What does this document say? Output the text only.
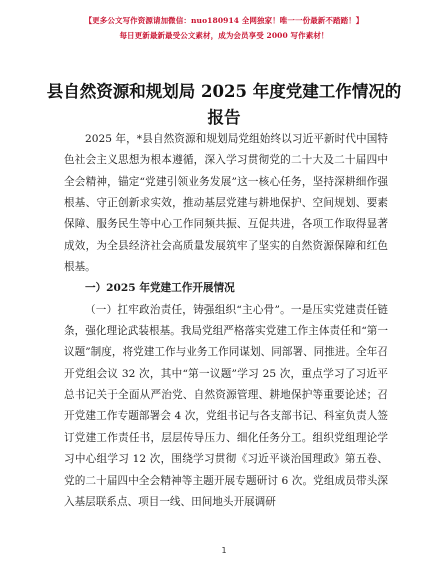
【更多公文写作资源请加微信：nuo180914 全网独家！唯一一份最新不踏踏！】
每日更新最新最受公文素材，成为会员享受 2000 写作素材！
县自然资源和规划局 2025 年度党建工作情况的
报告

2025 年，*县自然资源和规划局党组始终以习近平新时代中国特色社会主义思想为根本遵循，深入学习贯彻党的二十大及二十届四中全会精神，锚定“党建引领业务发展”这一核心任务，坚持深耕细作强根基、守正创新求实效，推动基层党建与耕地保护、空间规划、要素保障、服务民生等中心工作同频共振、互促共进，各项工作取得显著成效，为全县经济社会高质量发展筑牢了坚实的自然资源保障和红色根基。

一）2025 年党建工作开展情况

（一）扛牢政治责任，铸强组织“主心骨”。一是压实党建责任链条，强化理论武装根基。我局党组严格落实党建工作主体责任和“第一议题”制度，将党建工作与业务工作同谋划、同部署、同推进。全年召开党组会议 32 次，其中“第一议题”学习 25 次，重点学习了习近平总书记关于全面从严治党、自然资源管理、耕地保护等重要论述；召开党建工作专题部署会 4 次，党组书记与各支部书记、科室负责人签订党建工作责任书，层层传导压力、细化任务分工。组织党组理论学习中心组学习 12 次，围绕学习贯彻《习近平谈治国理政》第五卷、党的二十届四中全会精神等主题开展专题研讨 6 次。党组成员带头深入基层联系点、项目一线、田间地头开展调研

1
